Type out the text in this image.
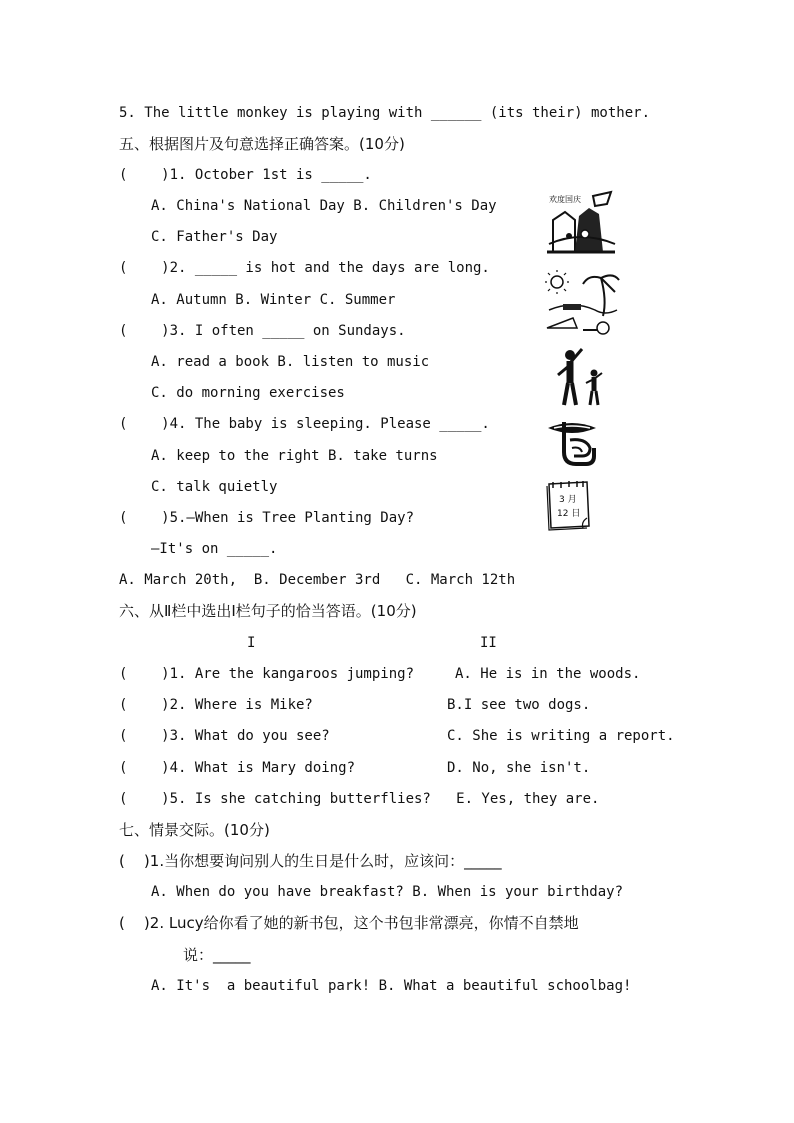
5. The little monkey is playing with ______ (its their) mother.
五、根据图片及句意选择正确答案。(10分)
(    )1. October 1st is _____.
A. China's National Day B. Children's Day
C. Father's Day
(    )2. _____ is hot and the days are long.
A. Autumn B. Winter C. Summer
(    )3. I often _____ on Sundays.
A. read a book B. listen to music
C. do morning exercises
(    )4. The baby is sleeping. Please _____.
A. keep to the right B. take turns
C. talk quietly
(    )5.—When is Tree Planting Day?
—It's on _____.
A. March 20th,  B. December 3rd   C. March 12th
六、从Ⅱ栏中选出Ⅰ栏句子的恰当答语。(10分)
I	II
(    )1. Are the kangaroos jumping?	A. He is in the woods.
(    )2. Where is Mike?	B.I see two dogs.
(    )3. What do you see?	C. She is writing a report.
(    )4. What is Mary doing?	D. No, she isn't.
(    )5. Is she catching butterflies?   E. Yes, they are.
七、情景交际。(10分)
(    )1.当你想要询问别人的生日是什么时，应该问：_____
A. When do you have breakfast? B. When is your birthday?
(    )2. Lucy给你看了她的新书包，这个书包非常漂亮，你情不自禁地
说：_____
A. It's  a beautiful park! B. What a beautiful schoolbag!
欢度国庆
3 月
12 日
